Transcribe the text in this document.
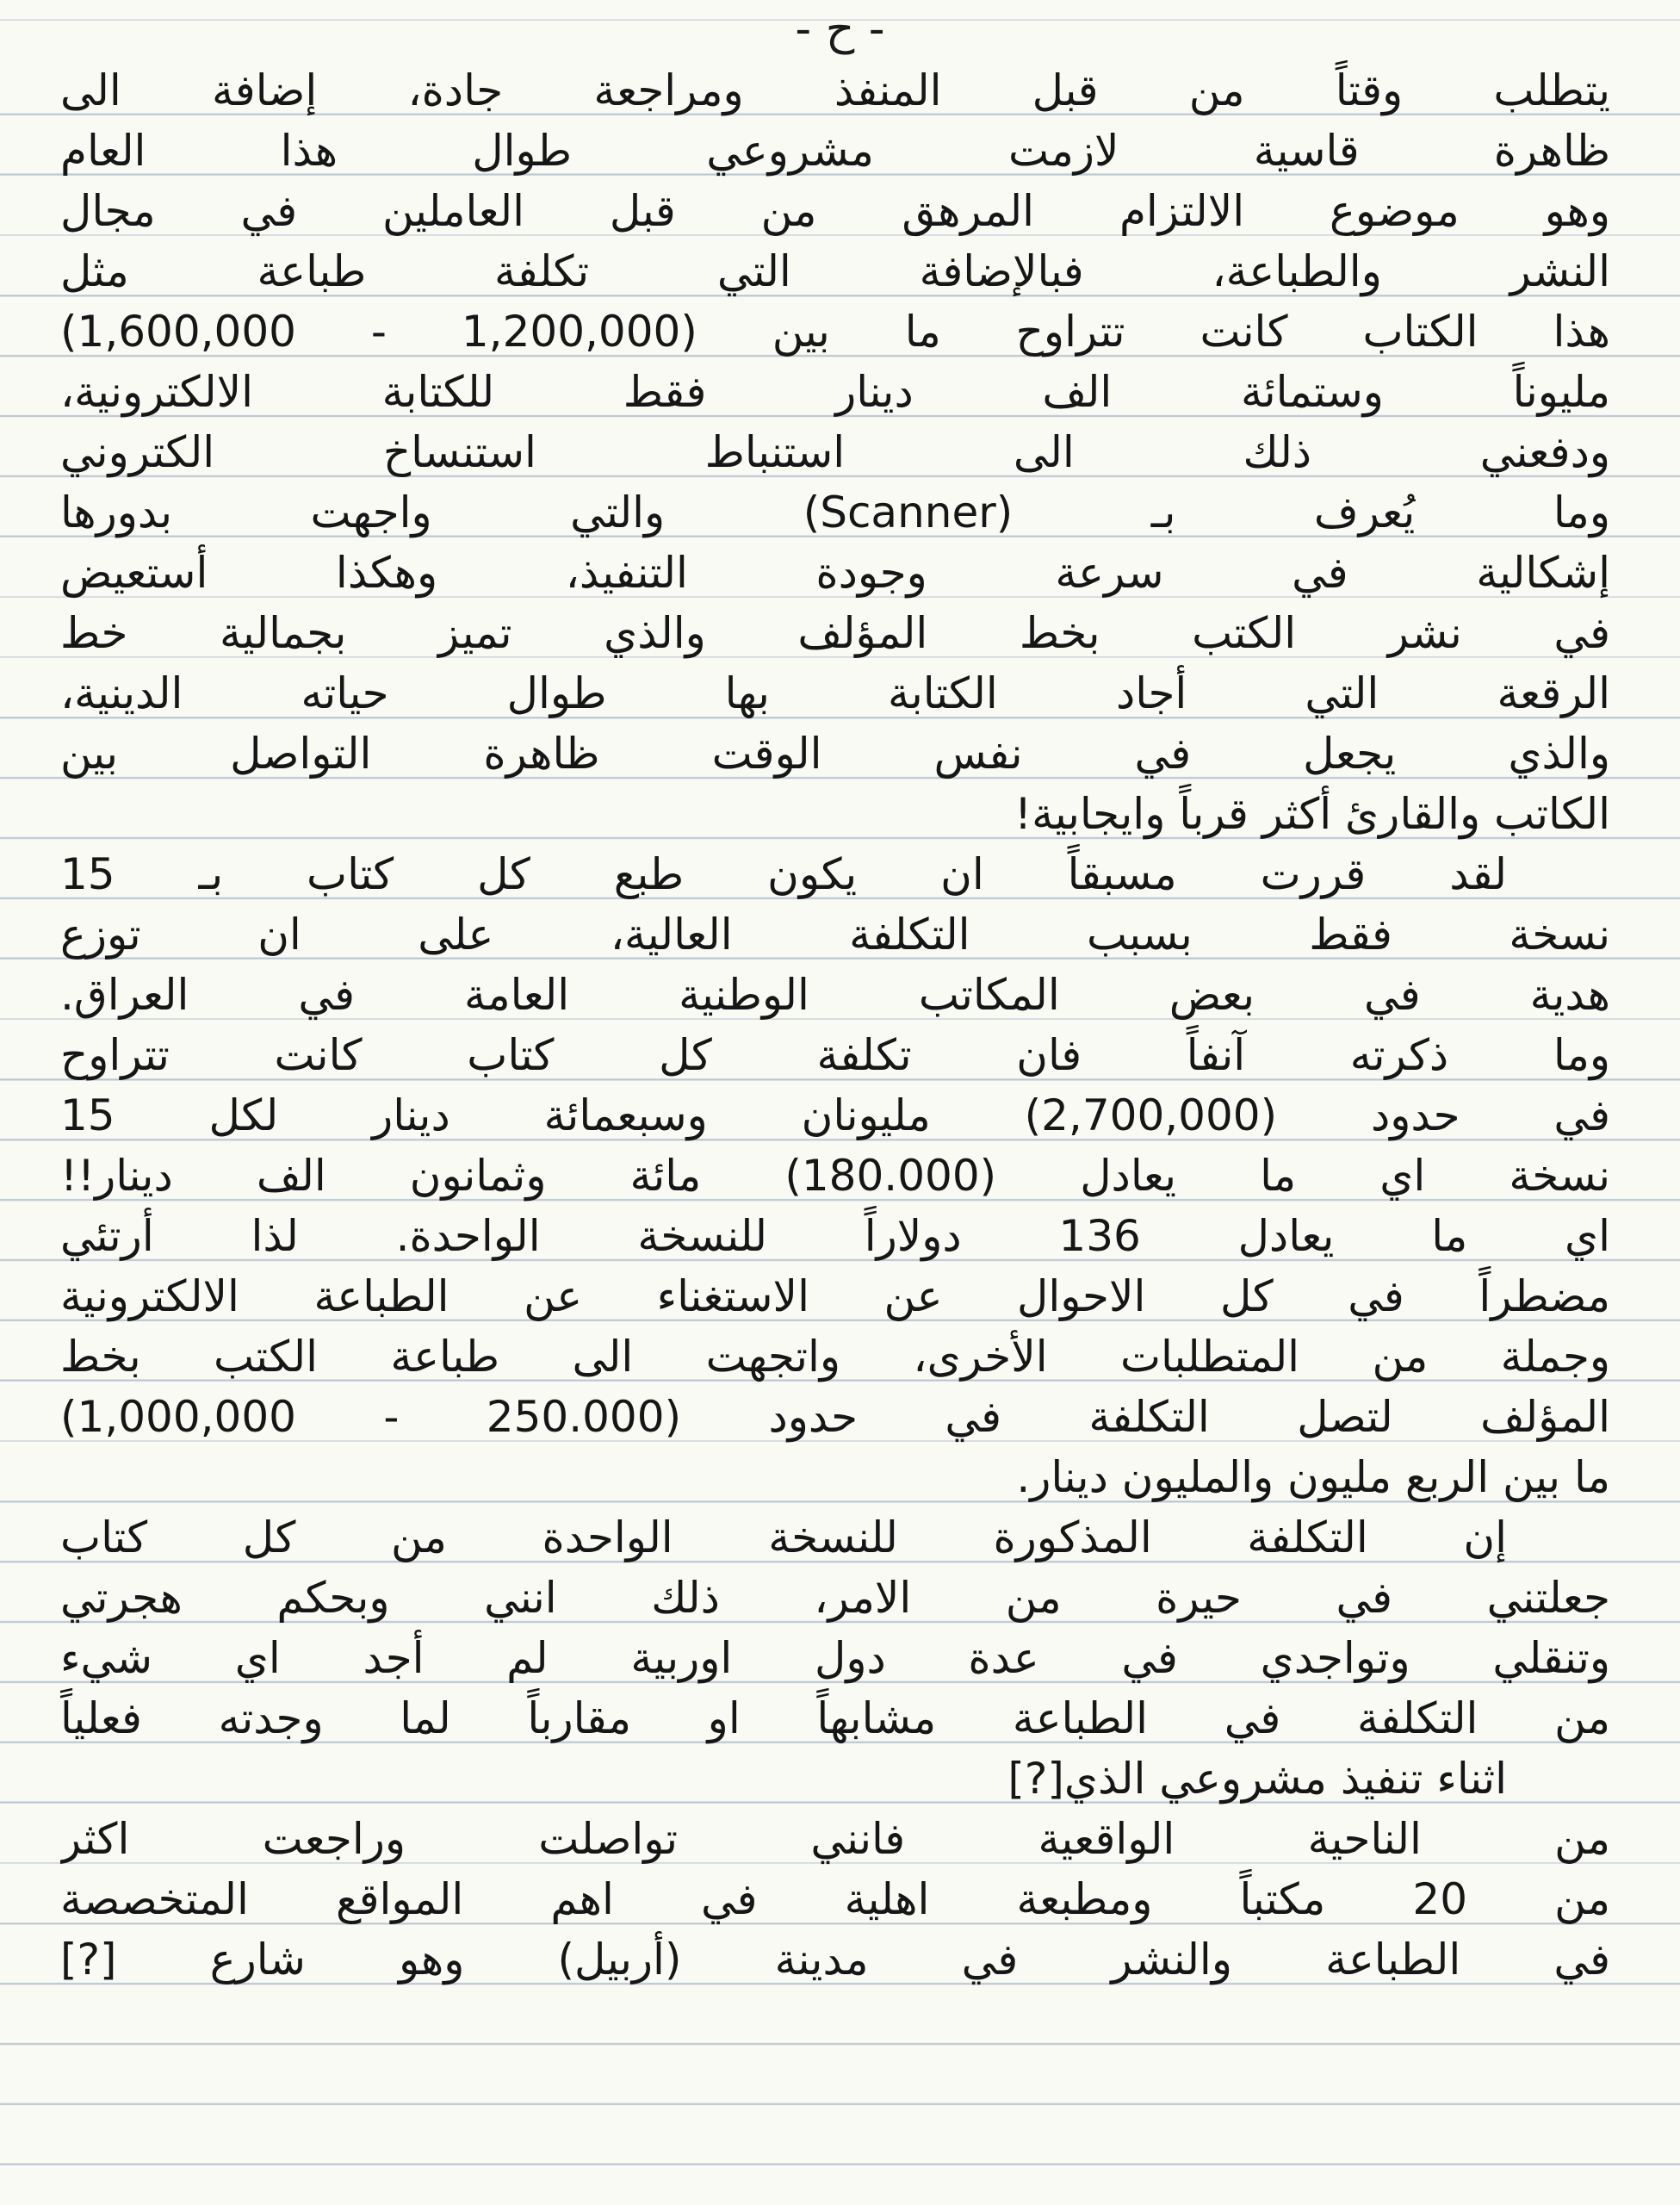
- ح -
يتطلب وقتاً من قبل المنفذ ومراجعة جادة، إضافة الى
ظاهرة قاسية لازمت مشروعي طوال هذا العام
وهو موضوع الالتزام المرهق من قبل العاملين في مجال
النشر والطباعة، فبالإضافة التي تكلفة طباعة مثل
هذا الكتاب كانت تتراوح ما بين (1,200,000 - 1,600,000)
مليوناً وستمائة الف دينار فقط للكتابة الالكترونية،
ودفعني ذلك الى استنباط استنساخ الكتروني
وما يُعرف بـ (Scanner) والتي واجهت بدورها
إشكالية في سرعة وجودة التنفيذ، وهكذا أستعيض
في نشر الكتب بخط المؤلف والذي تميز بجمالية خط
الرقعة التي أجاد الكتابة بها طوال حياته الدينية،
والذي يجعل في نفس الوقت ظاهرة التواصل بين
الكاتب والقارئ أكثر قرباً وايجابية!
لقد قررت مسبقاً ان يكون طبع كل كتاب بـ 15
نسخة فقط بسبب التكلفة العالية، على ان توزع
هدية في بعض المكاتب الوطنية العامة في العراق.
وما ذكرته آنفاً فان تكلفة كل كتاب كانت تتراوح
في حدود (2,700,000) مليونان وسبعمائة دينار لكل 15
نسخة اي ما يعادل (180.000) مائة وثمانون الف دينار!!
اي ما يعادل 136 دولاراً للنسخة الواحدة. لذا أرتئي
مضطراً في كل الاحوال عن الاستغناء عن الطباعة الالكترونية
وجملة من المتطلبات الأخرى، واتجهت الى طباعة الكتب بخط
المؤلف لتصل التكلفة في حدود (250.000 - 1,000,000)
ما بين الربع مليون والمليون دينار.
إن التكلفة المذكورة للنسخة الواحدة من كل كتاب
جعلتني في حيرة من الامر، ذلك انني وبحكم هجرتي
وتنقلي وتواجدي في عدة دول اوربية لم أجد اي شيء
من التكلفة في الطباعة مشابهاً او مقارباً لما وجدته فعلياً
اثناء تنفيذ مشروعي الذي[?]
من الناحية الواقعية فانني تواصلت وراجعت اكثر
من 20 مكتباً ومطبعة اهلية في اهم المواقع المتخصصة
في الطباعة والنشر في مدينة (أربيل) وهو شارع [?]
